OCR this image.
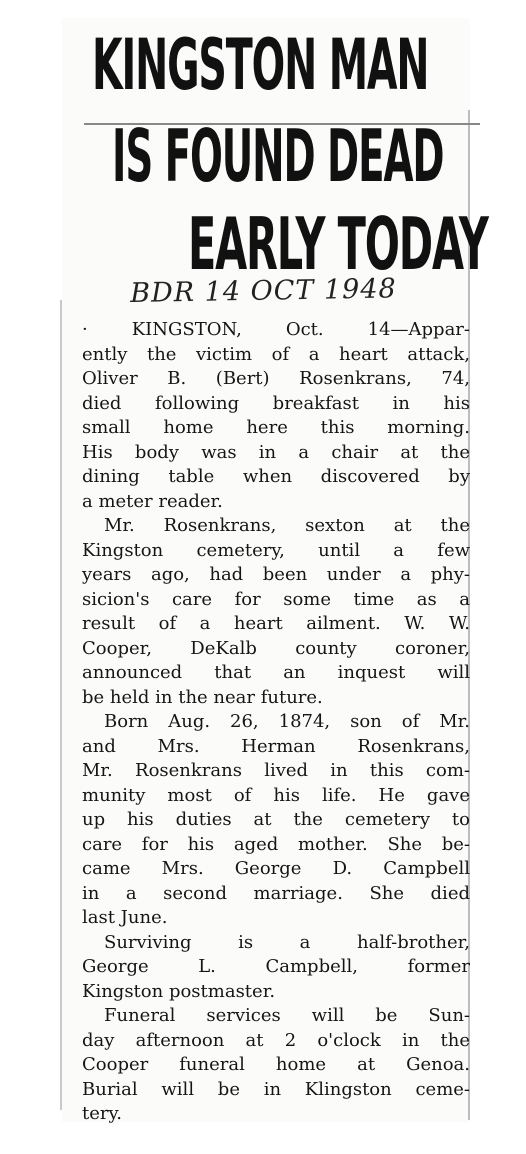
KINGSTON MAN
IS FOUND DEAD
EARLY TODAY
BDR 14 OCT 1948
· KINGSTON, Oct. 14—Appar-
ently the victim of a heart attack,
Oliver B. (Bert) Rosenkrans, 74,
died following breakfast in his
small home here this morning.
His body was in a chair at the
dining table when discovered by
a meter reader.
Mr. Rosenkrans, sexton at the
Kingston cemetery, until a few
years ago, had been under a phy-
sicion's care for some time as a
result of a heart ailment. W. W.
Cooper, DeKalb county coroner,
announced that an inquest will
be held in the near future.
Born Aug. 26, 1874, son of Mr.
and Mrs. Herman Rosenkrans,
Mr. Rosenkrans lived in this com-
munity most of his life. He gave
up his duties at the cemetery to
care for his aged mother. She be-
came Mrs. George D. Campbell
in a second marriage. She died
last June.
Surviving is a half-brother,
George L. Campbell, former
Kingston postmaster.
Funeral services will be Sun-
day afternoon at 2 o'clock in the
Cooper funeral home at Genoa.
Burial will be in Klingston ceme-
tery.
